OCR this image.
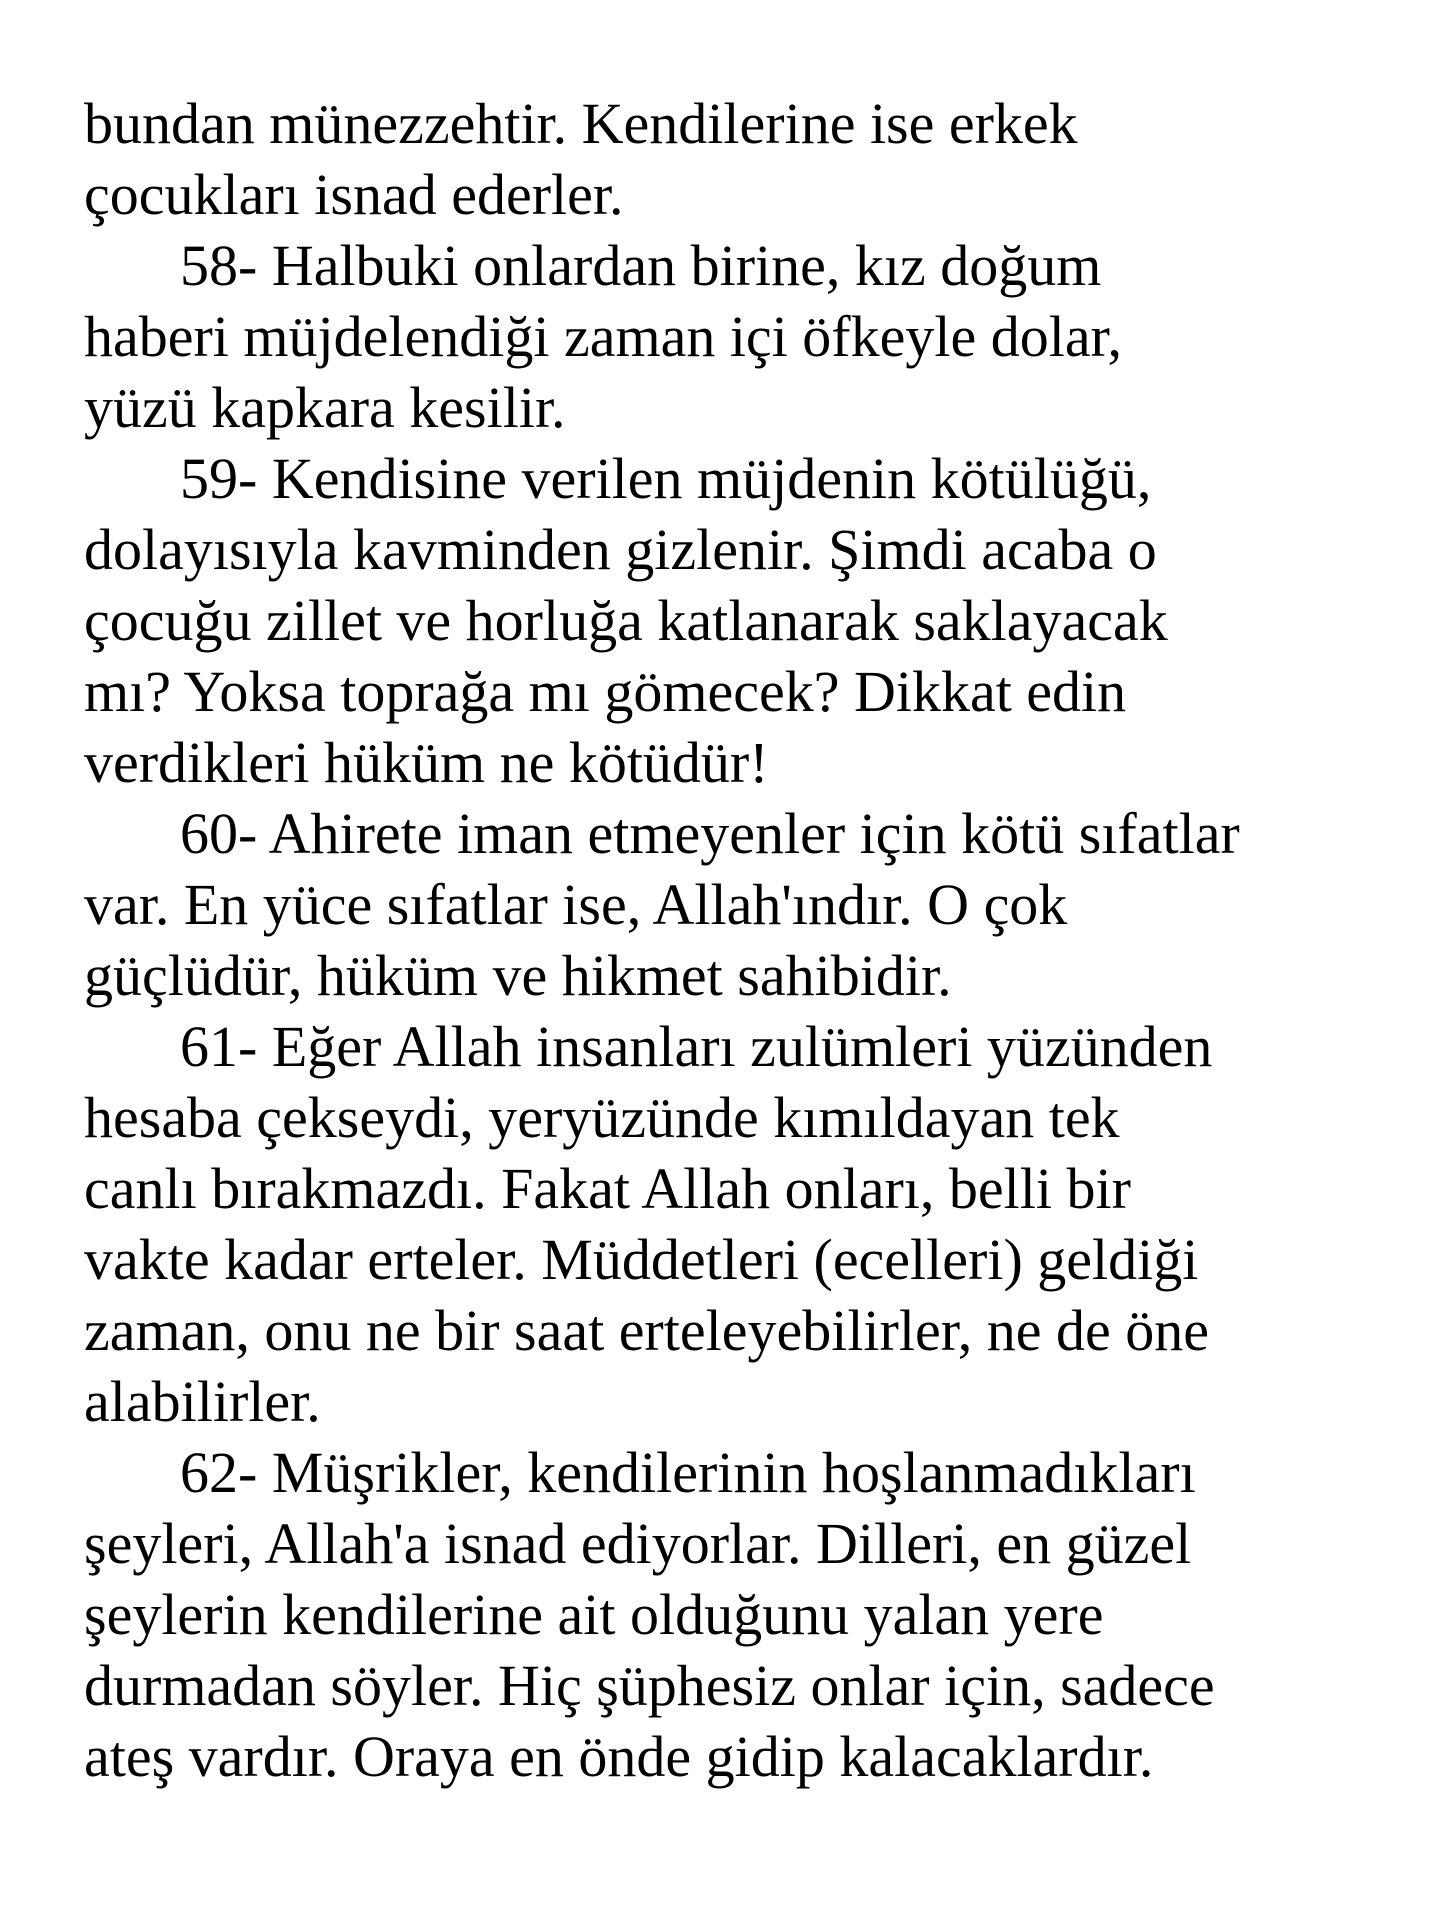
bundan münezzehtir. Kendilerine ise erkek
çocukları isnad ederler.

58- Halbuki onlardan birine, kız doğum
haberi müjdelendiği zaman içi öfkeyle dolar,
yüzü kapkara kesilir.

59- Kendisine verilen müjdenin kötülüğü,
dolayısıyla kavminden gizlenir. Şimdi acaba o
çocuğu zillet ve horluğa katlanarak saklayacak
mı? Yoksa toprağa mı gömecek? Dikkat edin
verdikleri hüküm ne kötüdür!

60- Ahirete iman etmeyenler için kötü sıfatlar
var. En yüce sıfatlar ise, Allah'ındır. O çok
güçlüdür, hüküm ve hikmet sahibidir.

61- Eğer Allah insanları zulümleri yüzünden
hesaba çekseydi, yeryüzünde kımıldayan tek
canlı bırakmazdı. Fakat Allah onları, belli bir
vakte kadar erteler. Müddetleri (ecelleri) geldiği
zaman, onu ne bir saat erteleyebilirler, ne de öne
alabilirler.

62- Müşrikler, kendilerinin hoşlanmadıkları
şeyleri, Allah'a isnad ediyorlar. Dilleri, en güzel
şeylerin kendilerine ait olduğunu yalan yere
durmadan söyler. Hiç şüphesiz onlar için, sadece
ateş vardır. Oraya en önde gidip kalacaklardır.
